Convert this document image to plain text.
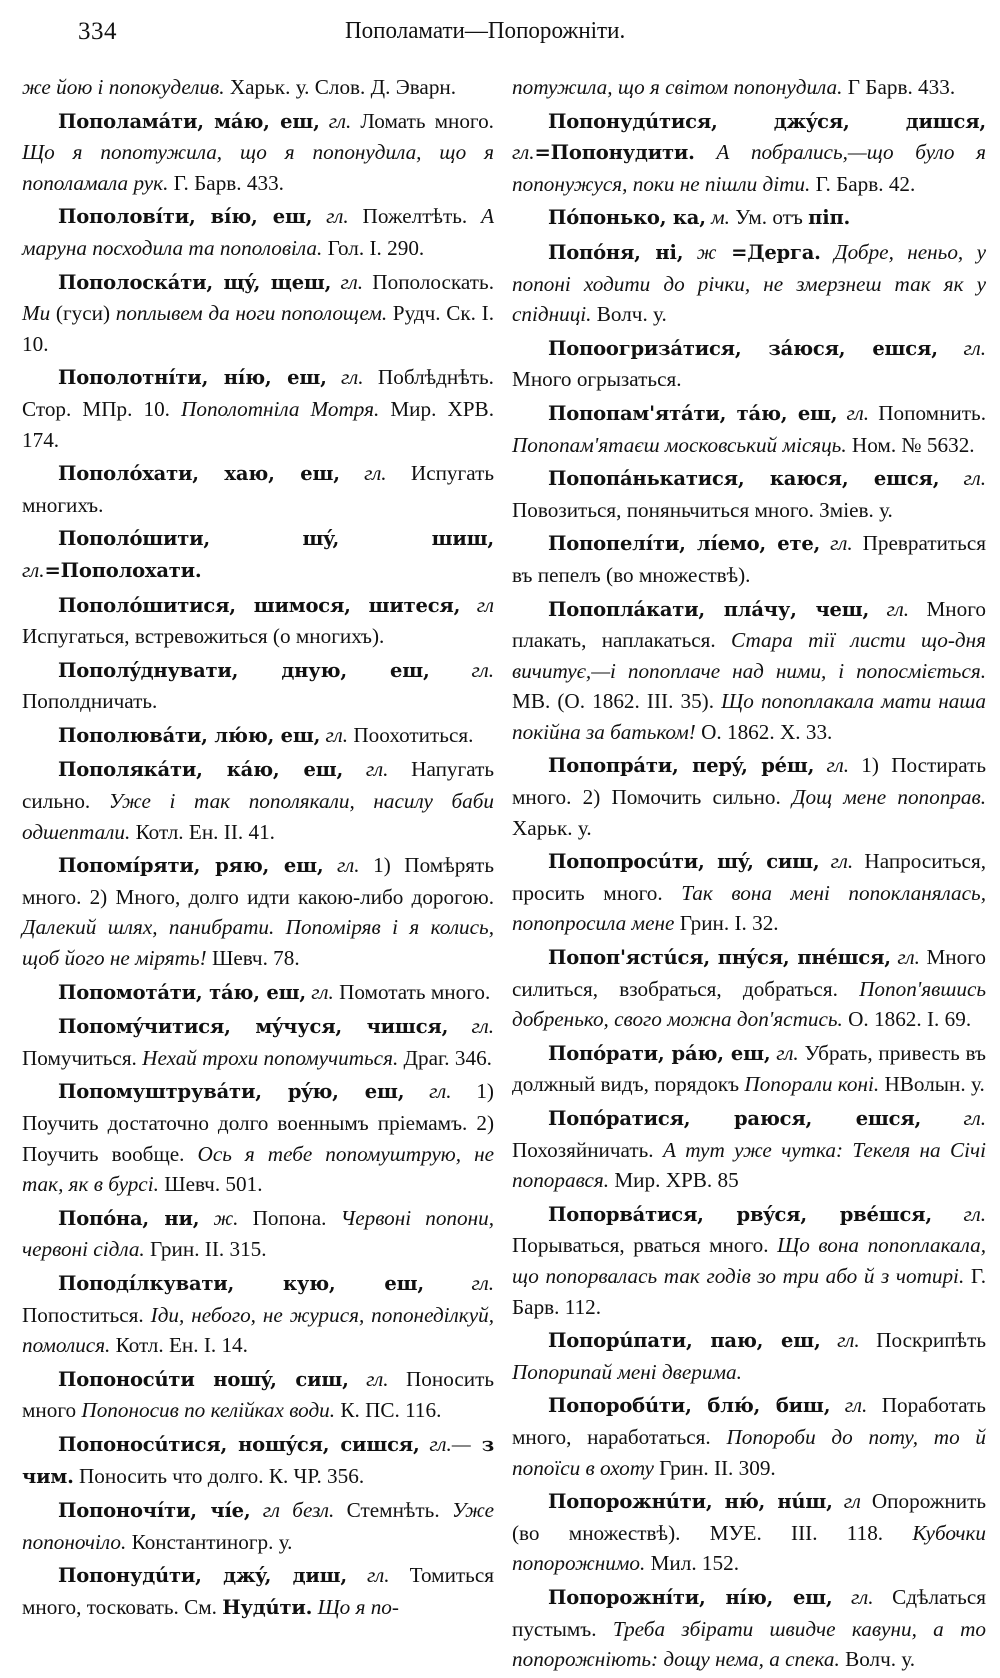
334	Пополамати—Попорожніти.

же йою і попокуделив. Харьк. у. Слов. Д. Эварн.

Пополамáти, мáю, еш, гл. Ломать много. Що я попотужила, що я попонудила, що я пополамала рук. Г. Барв. 433.

Пополовíти, вíю, еш, гл. Пожелтѣть. А маруна посходила та пополовіла. Гол. I. 290.

Пополоскáти, щý, щеш, гл. Пополоскать. Ми (гуси) поплывем да ноги пополощем. Рудч. Ск. I. 10.

Пополотнíти, нíю, еш, гл. Поблѣднѣть. Стор. МПр. 10. Пополотніла Мотря. Мир. ХРВ. 174.

Пополóхати, хаю, еш, гл. Испугать многихъ.

Пополóшити, шý, шиш, гл.=Пополохати.

Пополóшитися, шимося, шитеся, гл Испугаться, встревожиться (о многихъ).

Пополýднувати, дную, еш, гл. Пополдничать.

Пополювáти, лю́ю, еш, гл. Поохотиться.

Пополякáти, кáю, еш, гл. Напугать сильно. Уже і так пополякали, насилу баби одшептали. Котл. Ен. II. 41.

Попомíряти, ряю, еш, гл. 1) Помѣрять много. 2) Много, долго идти какою-либо дорогою. Далекий шлях, панибрати. Попоміряв і я колись, щоб його не мірять! Шевч. 78.

Попомотáти, тáю, еш, гл. Помотать много.

Попомýчитися, мýчуся, чишся, гл. Помучиться. Нехай трохи попомучиться. Драг. 346.

Попомуштрувáти, рýю, еш, гл. 1) Поучить достаточно долго военнымъ пріемамъ. 2) Поучить вообще. Ось я тебе попомуштрую, не так, як в бурсі. Шевч. 501.

Попóна, ни, ж. Попона. Червоні попони, червоні сідла. Грин. II. 315.

Поподíлкувати, кую, еш, гл. Попоститься. Іди, небого, не журися, попонеділкуй, помолися. Котл. Ен. I. 14.

Попоносúти ношý, сиш, гл. Поносить много Попоносив по келійках води. К. ПС. 116.

Попоносúтися, ношýся, сишся, гл.— з чим. Поносить что долго. К. ЧР. 356.

Попоночíти, чíе, гл безл. Стемнѣть. Уже попоночіло. Константиногр. у.

Попонудúти, джý, диш, гл. Томиться много, тосковать. См. Нудúти. Що я по-

потужила, що я світом попонудила. Г Барв. 433.

Попонудúтися, джýся, дишся, гл.=Попонудити. А побрались,—що було я попонужуся, поки не пішли діти. Г. Барв. 42.

Пóпонько, ка, м. Ум. отъ піп.

Попóня, ні, ж =Дерга. Добре, неньо, у попоні ходити до річки, не змерзнеш так як у спідниці. Волч. у.

Попоогризáтися, зáюся, ешся, гл. Много огрызаться.

Попопам'ятáти, тáю, еш, гл. Попомнить. Попопам'ятаєш московський місяць. Ном. № 5632.

Попопáнькатися, каюся, ешся, гл. Повозиться, поняньчиться много. Зміев. у.

Попопелíти, лíемо, ете, гл. Превратиться въ пепелъ (во множествѣ).

Попоплáкати, плáчу, чеш, гл. Много плакать, наплакаться. Стара тії листи що-дня вичитує,—і попоплаче над ними, і попосміється. МВ. (О. 1862. III. 35). Що попоплакала мати наша покійна за батьком! О. 1862. X. 33.

Попопрáти, перý, рéш, гл. 1) Постирать много. 2) Помочить сильно. Дощ мене попоправ. Харьк. у.

Попопросúти, шý, сиш, гл. Напроситься, просить много. Так вона мені попокланялась, попопросила мене Грин. I. 32.

Попоп'ястúся, пнýся, пнéшся, гл. Много силиться, взобраться, добраться. Попоп'явшись добренько, свого можна доп'ястись. О. 1862. I. 69.

Попóрати, рáю, еш, гл. Убрать, привесть въ должный видъ, порядокъ Попорали коні. НВолын. у.

Попóратися, раюся, ешся, гл. Похозяйничать. А тут уже чутка: Текеля на Січі попорався. Мир. ХРВ. 85

Попорвáтися, рвýся, рвéшся, гл. Порываться, рваться много. Що вона попоплакала, що попорвалась так годів зо три або й з чотирі. Г. Барв. 112.

Попорúпати, паю, еш, гл. Поскрипѣть Попорипай мені дверима.

Попоробúти, блю́, биш, гл. Поработать много, наработаться. Попороби до поту, то й попоїси в охоту Грин. II. 309.

Попорожнúти, ню́, нúш, гл Опорожнить (во множествѣ). МУЕ. III. 118. Кубочки попорожнимо. Мил. 152.

Попорожнíти, нíю, еш, гл. Сдѣлаться пустымъ. Треба збірати швидче кавуни, а то попорожніють: дощу нема, а спека. Волч. у.
